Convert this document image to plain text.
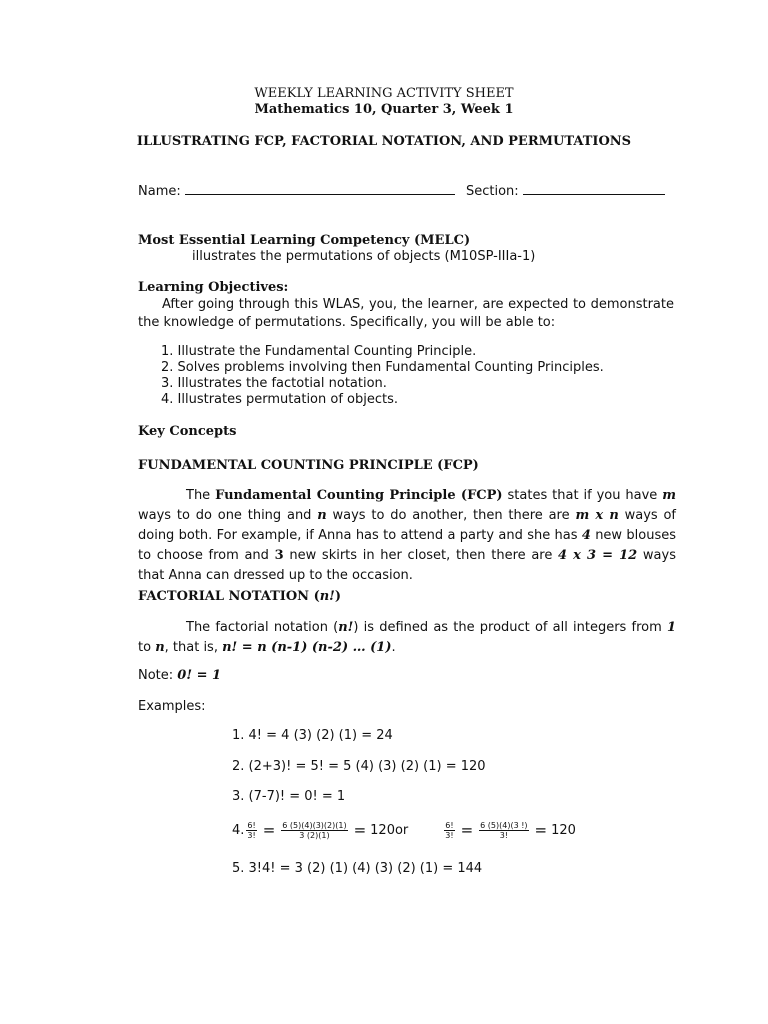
WEEKLY LEARNING ACTIVITY SHEET
Mathematics 10, Quarter 3, Week 1
ILLUSTRATING FCP, FACTORIAL NOTATION, AND PERMUTATIONS
Name:	Section:
Most Essential Learning Competency (MELC)
illustrates the permutations of objects (M10SP-IIIa-1)
Learning Objectives:
After going through this WLAS, you, the learner, are expected to demonstrate the knowledge of permutations. Specifically, you will be able to:
1. Illustrate the Fundamental Counting Principle.
2. Solves problems involving then Fundamental Counting Principles.
3. Illustrates the factotial notation.
4. Illustrates permutation of objects.
Key Concepts
FUNDAMENTAL COUNTING PRINCIPLE (FCP)
The Fundamental Counting Principle (FCP) states that if you have m ways to do one thing and n ways to do another, then there are m x n ways of doing both. For example, if Anna has to attend a party and she has 4 new blouses to choose from and 3 new skirts in her closet, then there are 4 x 3 = 12 ways that Anna can dressed up to the occasion.
FACTORIAL NOTATION (n!)
The factorial notation (n!) is defined as the product of all integers from 1 to n, that is, n! = n (n-1) (n-2) … (1).
Note: 0! = 1
Examples:
1. 4! = 4 (3) (2) (1) = 24
2. (2+3)! = 5! = 5 (4) (3) (2) (1) = 120
3. (7-7)! = 0! = 1
4. $\frac{6!}{3!} = \frac{6 (5)(4)(3)(2)(1)}{3 (2)(1)} = 120or$	$\frac{6!}{3!} = \frac{6 (5)(4)(3 !)}{3!} = 120$
5. 3!4! = 3 (2) (1) (4) (3) (2) (1) = 144
